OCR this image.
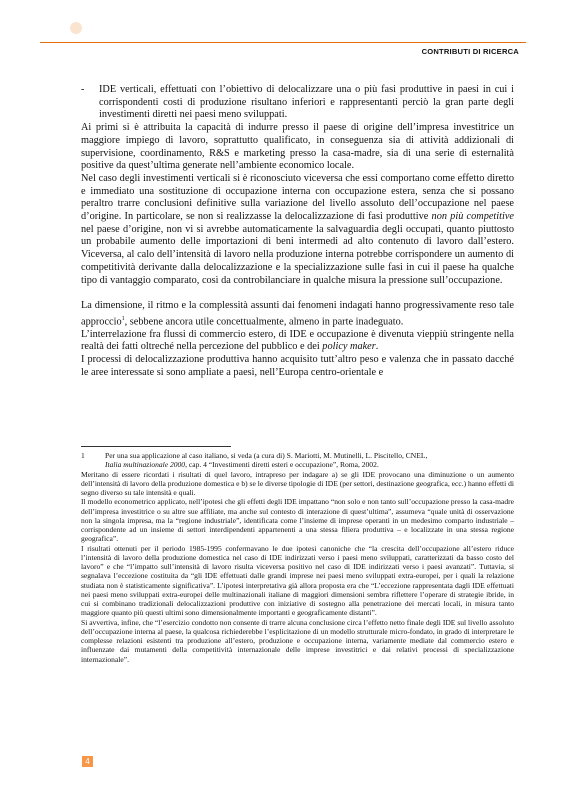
CONTRIBUTI DI RICERCA

- IDE verticali, effettuati con l’obiettivo di delocalizzare una o più fasi produttive in paesi in cui i corrispondenti costi di produzione risultano inferiori e rappresentanti perciò la gran parte degli investimenti diretti nei paesi meno sviluppati.

Ai primi si è attribuita la capacità di indurre presso il paese di origine dell’impresa investitrice un maggiore impiego di lavoro, soprattutto qualificato, in conseguenza sia di attività addizionali di supervisione, coordinamento, R&S e marketing presso la casa-madre, sia di una serie di esternalità positive da quest’ultima generate nell’ambiente economico locale.

Nel caso degli investimenti verticali si è riconosciuto viceversa che essi comportano come effetto diretto e immediato una sostituzione di occupazione interna con occupazione estera, senza che si possano peraltro trarre conclusioni definitive sulla variazione del livello assoluto dell’occupazione nel paese d’origine. In particolare, se non si realizzasse la delocalizzazione di fasi produttive non più competitive nel paese d’origine, non vi si avrebbe automaticamente la salvaguardia degli occupati, quanto piuttosto un probabile aumento delle importazioni di beni intermedi ad alto contenuto di lavoro dall’estero. Viceversa, al calo dell’intensità di lavoro nella produzione interna potrebbe corrispondere un aumento di competitività derivante dalla delocalizzazione e la specializzazione sulle fasi in cui il paese ha qualche tipo di vantaggio comparato, così da controbilanciare in qualche misura la pressione sull’occupazione.

La dimensione, il ritmo e la complessità assunti dai fenomeni indagati hanno progressivamente reso tale approccio$^1$, sebbene ancora utile concettualmente, almeno in parte inadeguato.

L’interrelazione fra flussi di commercio estero, di IDE e occupazione è divenuta vieppiù stringente nella realtà dei fatti oltreché nella percezione del pubblico e dei policy maker.

I processi di delocalizzazione produttiva hanno acquisito tutt’altro peso e valenza che in passato dacché le aree interessate si sono ampliate a paesi, nell’Europa centro-orientale e

1	Per una sua applicazione al caso italiano, si veda (a cura di) S. Mariotti, M. Mutinelli, L. Piscitello, CNEL,

Italia multinazionale 2000, cap. 4 “Investimenti diretti esteri e occupazione”, Roma, 2002.

Meritano di essere ricordati i risultati di quel lavoro, intrapreso per indagare a) se gli IDE provocano una diminuzione o un aumento dell’intensità di lavoro della produzione domestica e b) se le diverse tipologie di IDE (per settori, destinazione geografica, ecc.) hanno effetti di segno diverso su tale intensità e quali.

Il modello econometrico applicato, nell’ipotesi che gli effetti degli IDE impattano “non solo e non tanto sull’occupazione presso la casa-madre dell’impresa investitrice o su altre sue affiliate, ma anche sul contesto di interazione di quest’ultima”, assumeva “quale unità di osservazione non la singola impresa, ma la “regione industriale”, identificata come l’insieme di imprese operanti in un medesimo comparto industriale – corrispondente ad un insieme di settori interdipendenti appartenenti a una stessa filiera produttiva – e localizzate in una stessa regione geografica”.

I risultati ottenuti per il periodo 1985-1995 confermavano le due ipotesi canoniche che “la crescita dell’occupazione all’estero riduce l’intensità di lavoro della produzione domestica nel caso di IDE indirizzati verso i paesi meno sviluppati, caratterizzati da basso costo del lavoro” e che “l’impatto sull’intensità di lavoro risulta viceversa positivo nel caso di IDE indirizzati verso i paesi avanzati”. Tuttavia, si segnalava l’eccezione costituita da “gli IDE effettuati dalle grandi imprese nei paesi meno sviluppati extra-europei, per i quali la relazione studiata non è statisticamente significativa”. L’ipotesi interpretativa già allora proposta era che “L’eccezione rappresentata dagli IDE effettuati nei paesi meno sviluppati extra-europei delle multinazionali italiane di maggiori dimensioni sembra riflettere l’operare di strategie ibride, in cui si combinano tradizionali delocalizzazioni produttive con iniziative di sostegno alla penetrazione dei mercati locali, in misura tanto maggiore quanto più questi ultimi sono dimensionalmente importanti e geograficamente distanti”.

Si avvertiva, infine, che “l’esercizio condotto non consente di trarre alcuna conclusione circa l’effetto netto finale degli IDE sul livello assoluto dell’occupazione interna al paese, la qualcosa richiederebbe l’esplicitazione di un modello strutturale micro-fondato, in grado di interpretare le complesse relazioni esistenti tra produzione all’estero, produzione e occupazione interna, variamente mediate dal commercio estero e influenzate dai mutamenti della competitività internazionale delle imprese investitrici e dai relativi processi di specializzazione internazionale”.

4
